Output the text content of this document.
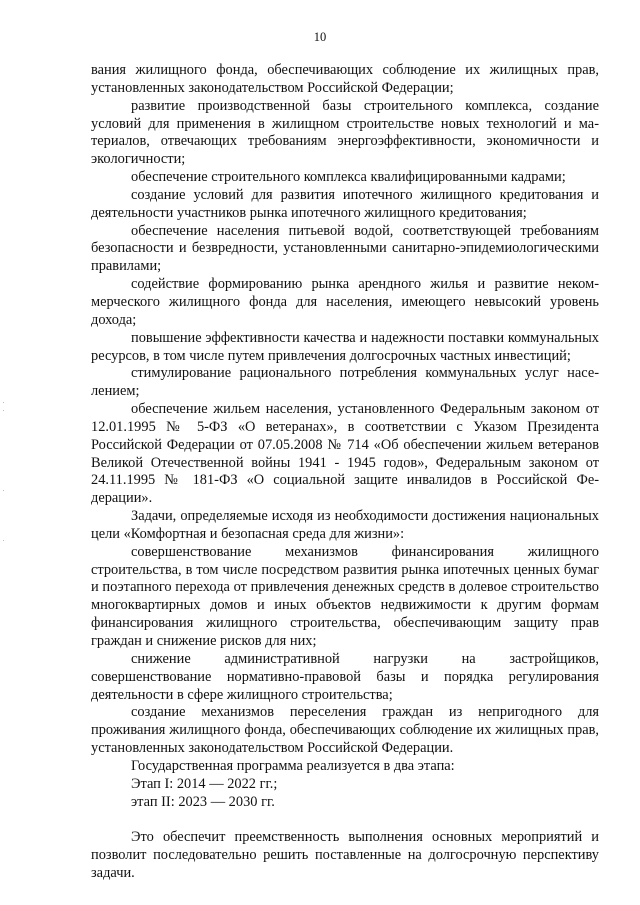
10

вания жилищного фонда, обеспечивающих соблюдение их жилищных прав, установленных законодательством Российской Федерации;

развитие производственной базы строительного комплекса, создание условий для применения в жилищном строительстве новых технологий и материалов, отвечающих требованиям энергоэффективности, экономичности и экологичности;

обеспечение строительного комплекса квалифицированными кадрами;

создание условий для развития ипотечного жилищного кредитования и деятельности участников рынка ипотечного жилищного кредитования;

обеспечение населения питьевой водой, соответствующей требованиям безопасности и безвредности, установленными санитарно-эпидемиологическими правилами;

содействие формированию рынка арендного жилья и развитие некоммерческого жилищного фонда для населения, имеющего невысокий уровень дохода;

повышение эффективности качества и надежности поставки коммунальных ресурсов, в том числе путем привлечения долгосрочных частных инвестиций;

стимулирование рационального потребления коммунальных услуг населением;

обеспечение жильем населения, установленного Федеральным законом от 12.01.1995 № 5-ФЗ «О ветеранах», в соответствии с Указом Президента Российской Федерации от 07.05.2008 № 714 «Об обеспечении жильем ветеранов Великой Отечественной войны 1941 - 1945 годов», Федеральным законом от 24.11.1995 № 181-ФЗ «О социальной защите инвалидов в Российской Федерации».

Задачи, определяемые исходя из необходимости достижения национальных цели «Комфортная и безопасная среда для жизни»:

совершенствование механизмов финансирования жилищного строительства, в том числе посредством развития рынка ипотечных ценных бумаг и поэтапного перехода от привлечения денежных средств в долевое строительство многоквартирных домов и иных объектов недвижимости к другим формам финансирования жилищного строительства, обеспечивающим защиту прав граждан и снижение рисков для них;

снижение административной нагрузки на застройщиков, совершенствование нормативно-правовой базы и порядка регулирования деятельности в сфере жилищного строительства;

создание механизмов переселения граждан из непригодного для проживания жилищного фонда, обеспечивающих соблюдение их жилищных прав, установленных законодательством Российской Федерации.

Государственная программа реализуется в два этапа:

Этап I: 2014 — 2022 гг.;

этап II: 2023 — 2030 гг.

Это обеспечит преемственность выполнения основных мероприятий и позволит последовательно решить поставленные на долгосрочную перспективу задачи.
